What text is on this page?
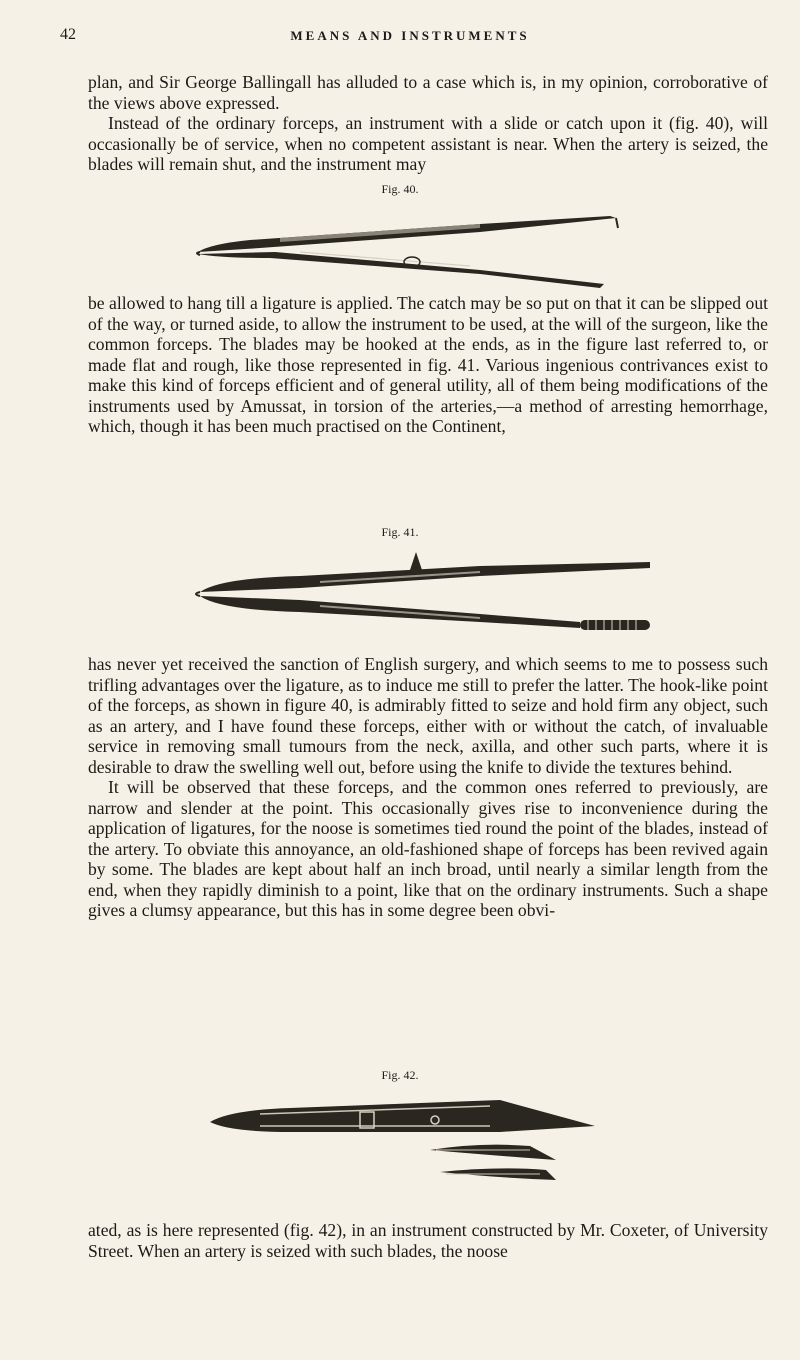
42	MEANS AND INSTRUMENTS

plan, and Sir George Ballingall has alluded to a case which is, in my opinion, corroborative of the views above expressed.

Instead of the ordinary forceps, an instrument with a slide or catch upon it (fig. 40), will occasionally be of service, when no competent assistant is near. When the artery is seized, the blades will remain shut, and the instrument may

Fig. 40.

be allowed to hang till a ligature is applied. The catch may be so put on that it can be slipped out of the way, or turned aside, to allow the instrument to be used, at the will of the surgeon, like the common forceps. The blades may be hooked at the ends, as in the figure last referred to, or made flat and rough, like those represented in fig. 41. Various ingenious contrivances exist to make this kind of forceps efficient and of general utility, all of them being modifications of the instruments used by Amussat, in torsion of the arteries,—a method of arresting hemorrhage, which, though it has been much practised on the Continent,

Fig. 41.

has never yet received the sanction of English surgery, and which seems to me to possess such trifling advantages over the ligature, as to induce me still to prefer the latter. The hook-like point of the forceps, as shown in figure 40, is admirably fitted to seize and hold firm any object, such as an artery, and I have found these forceps, either with or without the catch, of invaluable service in removing small tumours from the neck, axilla, and other such parts, where it is desirable to draw the swelling well out, before using the knife to divide the textures behind.

It will be observed that these forceps, and the common ones referred to previously, are narrow and slender at the point. This occasionally gives rise to inconvenience during the application of ligatures, for the noose is sometimes tied round the point of the blades, instead of the artery. To obviate this annoyance, an old-fashioned shape of forceps has been revived again by some. The blades are kept about half an inch broad, until nearly a similar length from the end, when they rapidly diminish to a point, like that on the ordinary instruments. Such a shape gives a clumsy appearance, but this has in some degree been obvi-

Fig. 42.

ated, as is here represented (fig. 42), in an instrument constructed by Mr. Coxeter, of University Street. When an artery is seized with such blades, the noose
